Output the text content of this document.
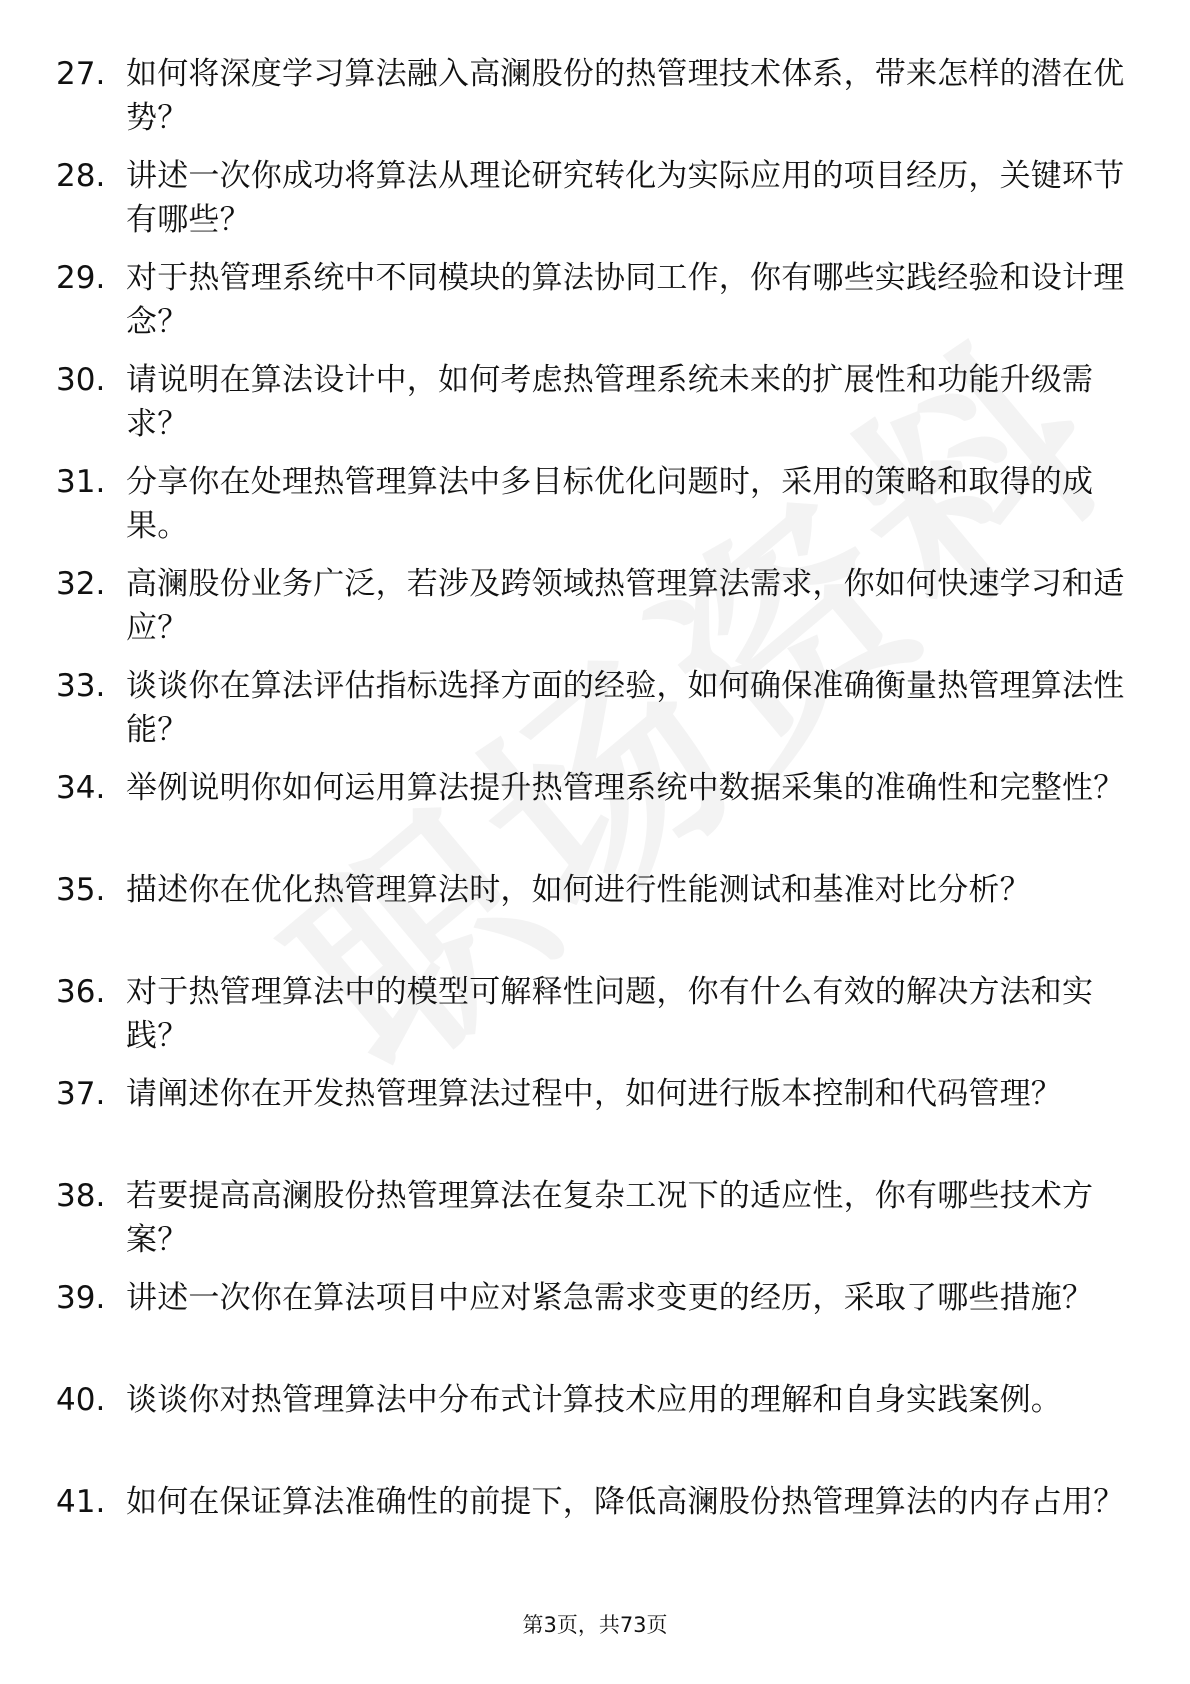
27. 如何将深度学习算法融入高澜股份的热管理技术体系，带来怎样的潜在优势？
28. 讲述一次你成功将算法从理论研究转化为实际应用的项目经历，关键环节有哪些？
29. 对于热管理系统中不同模块的算法协同工作，你有哪些实践经验和设计理念？
30. 请说明在算法设计中，如何考虑热管理系统未来的扩展性和功能升级需求？
31. 分享你在处理热管理算法中多目标优化问题时，采用的策略和取得的成果。
32. 高澜股份业务广泛，若涉及跨领域热管理算法需求，你如何快速学习和适应？
33. 谈谈你在算法评估指标选择方面的经验，如何确保准确衡量热管理算法性能？
34. 举例说明你如何运用算法提升热管理系统中数据采集的准确性和完整性？
35. 描述你在优化热管理算法时，如何进行性能测试和基准对比分析？
36. 对于热管理算法中的模型可解释性问题，你有什么有效的解决方法和实践？
37. 请阐述你在开发热管理算法过程中，如何进行版本控制和代码管理？
38. 若要提高高澜股份热管理算法在复杂工况下的适应性，你有哪些技术方案？
39. 讲述一次你在算法项目中应对紧急需求变更的经历，采取了哪些措施？
40. 谈谈你对热管理算法中分布式计算技术应用的理解和自身实践案例。
41. 如何在保证算法准确性的前提下，降低高澜股份热管理算法的内存占用？
第3页，共73页
